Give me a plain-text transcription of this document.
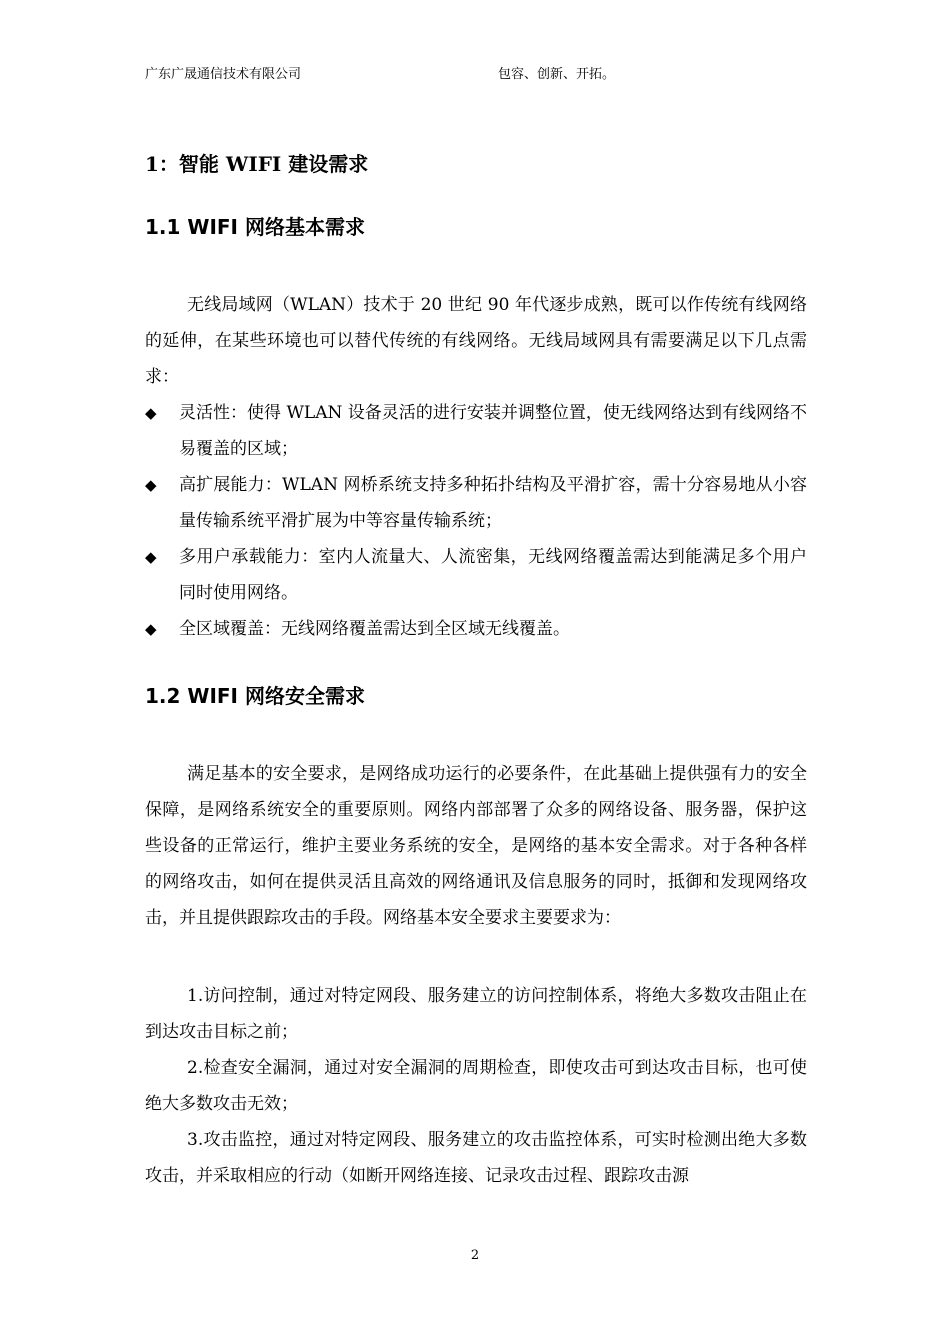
广东广晟通信技术有限公司	包容、创新、开拓。
1：智能 WIFI 建设需求
1.1 WIFI 网络基本需求
无线局域网（WLAN）技术于 20 世纪 90 年代逐步成熟，既可以作传统有线网络的延伸，在某些环境也可以替代传统的有线网络。无线局域网具有需要满足以下几点需求：
◆ 灵活性：使得 WLAN 设备灵活的进行安装并调整位置，使无线网络达到有线网络不易覆盖的区域；
◆ 高扩展能力：WLAN 网桥系统支持多种拓扑结构及平滑扩容，需十分容易地从小容量传输系统平滑扩展为中等容量传输系统；
◆ 多用户承载能力：室内人流量大、人流密集，无线网络覆盖需达到能满足多个用户同时使用网络。
◆ 全区域覆盖：无线网络覆盖需达到全区域无线覆盖。
1.2 WIFI 网络安全需求
满足基本的安全要求，是网络成功运行的必要条件，在此基础上提供强有力的安全保障，是网络系统安全的重要原则。网络内部部署了众多的网络设备、服务器，保护这些设备的正常运行，维护主要业务系统的安全，是网络的基本安全需求。对于各种各样的网络攻击，如何在提供灵活且高效的网络通讯及信息服务的同时，抵御和发现网络攻击，并且提供跟踪攻击的手段。网络基本安全要求主要要求为：
1.访问控制，通过对特定网段、服务建立的访问控制体系，将绝大多数攻击阻止在到达攻击目标之前；
2.检查安全漏洞，通过对安全漏洞的周期检查，即使攻击可到达攻击目标，也可使绝大多数攻击无效；
3.攻击监控，通过对特定网段、服务建立的攻击监控体系，可实时检测出绝大多数攻击，并采取相应的行动（如断开网络连接、记录攻击过程、跟踪攻击源
2
